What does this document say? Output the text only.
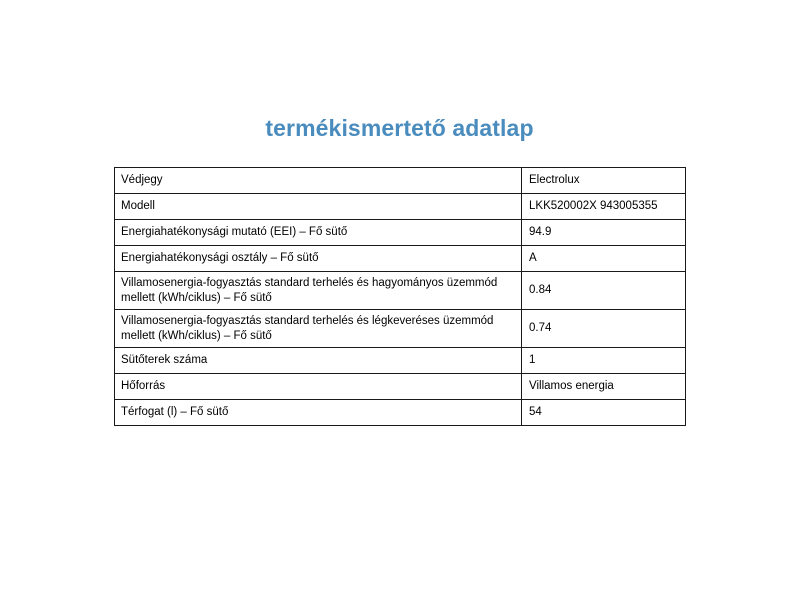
termékismertető adatlap
Védjegy	Electrolux
Modell	LKK520002X 943005355
Energiahatékonysági mutató (EEI) – Fő sütő	94.9
Energiahatékonysági osztály – Fő sütő	A
Villamosenergia-fogyasztás standard terhelés és hagyományos üzemmód mellett (kWh/ciklus) – Fő sütő	0.84
Villamosenergia-fogyasztás standard terhelés és légkeveréses üzemmód mellett (kWh/ciklus) – Fő sütő	0.74
Sütőterek száma	1
Hőforrás	Villamos energia
Térfogat (l) – Fő sütő	54
